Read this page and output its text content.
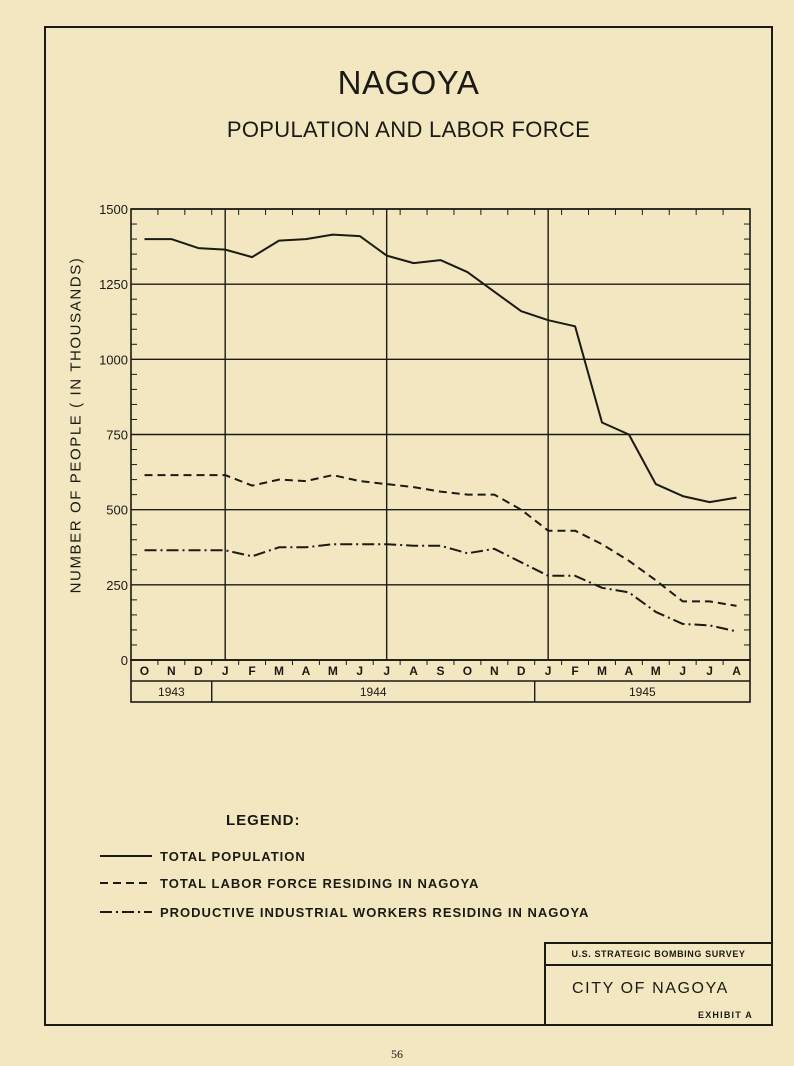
NAGOYA
POPULATION AND LABOR FORCE
NUMBER OF PEOPLE ( IN THOUSANDS)
0
250
500
750
1000
1250
1500
O N D J F M A M J J A S O N D J F M A M J J A
1943	1944	1945
LEGEND:
TOTAL POPULATION
TOTAL LABOR FORCE RESIDING IN NAGOYA
PRODUCTIVE INDUSTRIAL WORKERS RESIDING IN NAGOYA
U.S. STRATEGIC BOMBING SURVEY
CITY OF NAGOYA
EXHIBIT A
56
